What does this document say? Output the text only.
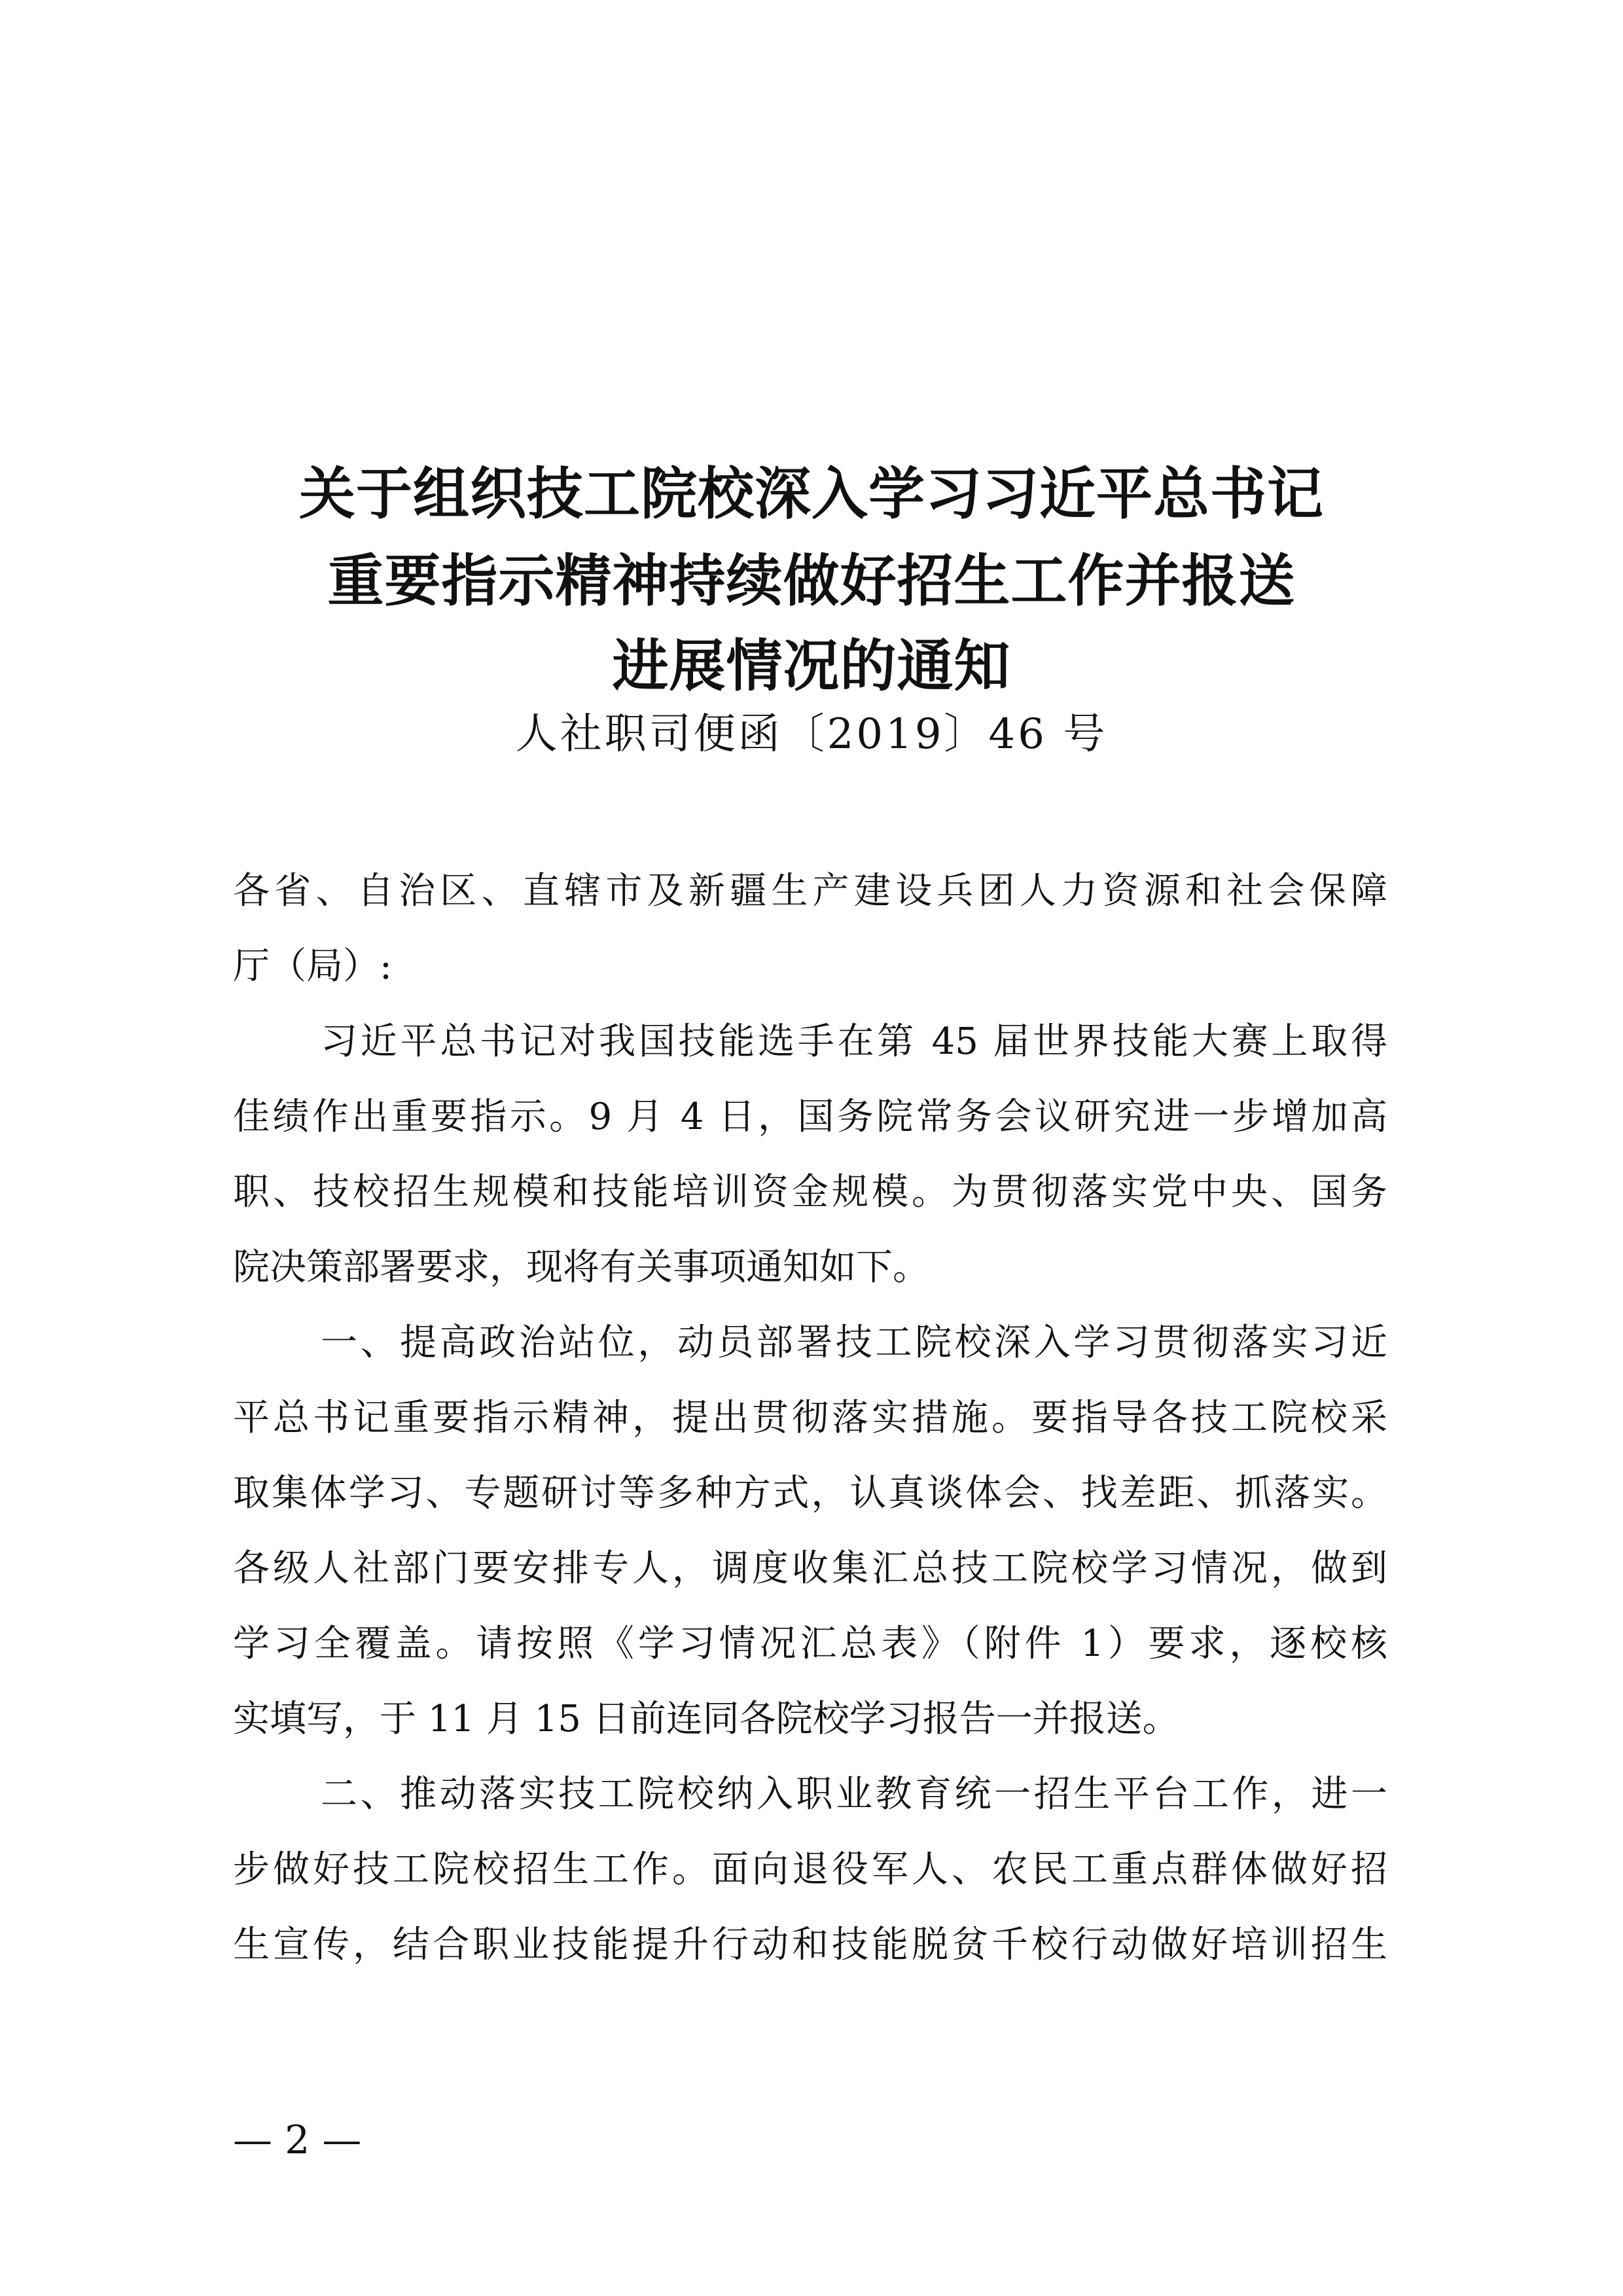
关于组织技工院校深入学习习近平总书记
重要指示精神持续做好招生工作并报送
进展情况的通知
人社职司便函〔2019〕46 号
各省、自治区、直辖市及新疆生产建设兵团人力资源和社会保障
厅（局）:
习近平总书记对我国技能选手在第 45 届世界技能大赛上取得
佳绩作出重要指示。9 月 4 日，国务院常务会议研究进一步增加高
职、技校招生规模和技能培训资金规模。为贯彻落实党中央、国务
院决策部署要求，现将有关事项通知如下。
一、提高政治站位，动员部署技工院校深入学习贯彻落实习近
平总书记重要指示精神，提出贯彻落实措施。要指导各技工院校采
取集体学习、专题研讨等多种方式，认真谈体会、找差距、抓落实。
各级人社部门要安排专人，调度收集汇总技工院校学习情况，做到
学习全覆盖。请按照《学习情况汇总表》（附件 1）要求，逐校核
实填写，于 11 月 15 日前连同各院校学习报告一并报送。
二、推动落实技工院校纳入职业教育统一招生平台工作，进一
步做好技工院校招生工作。面向退役军人、农民工重点群体做好招
生宣传，结合职业技能提升行动和技能脱贫千校行动做好培训招生
— 2 —
